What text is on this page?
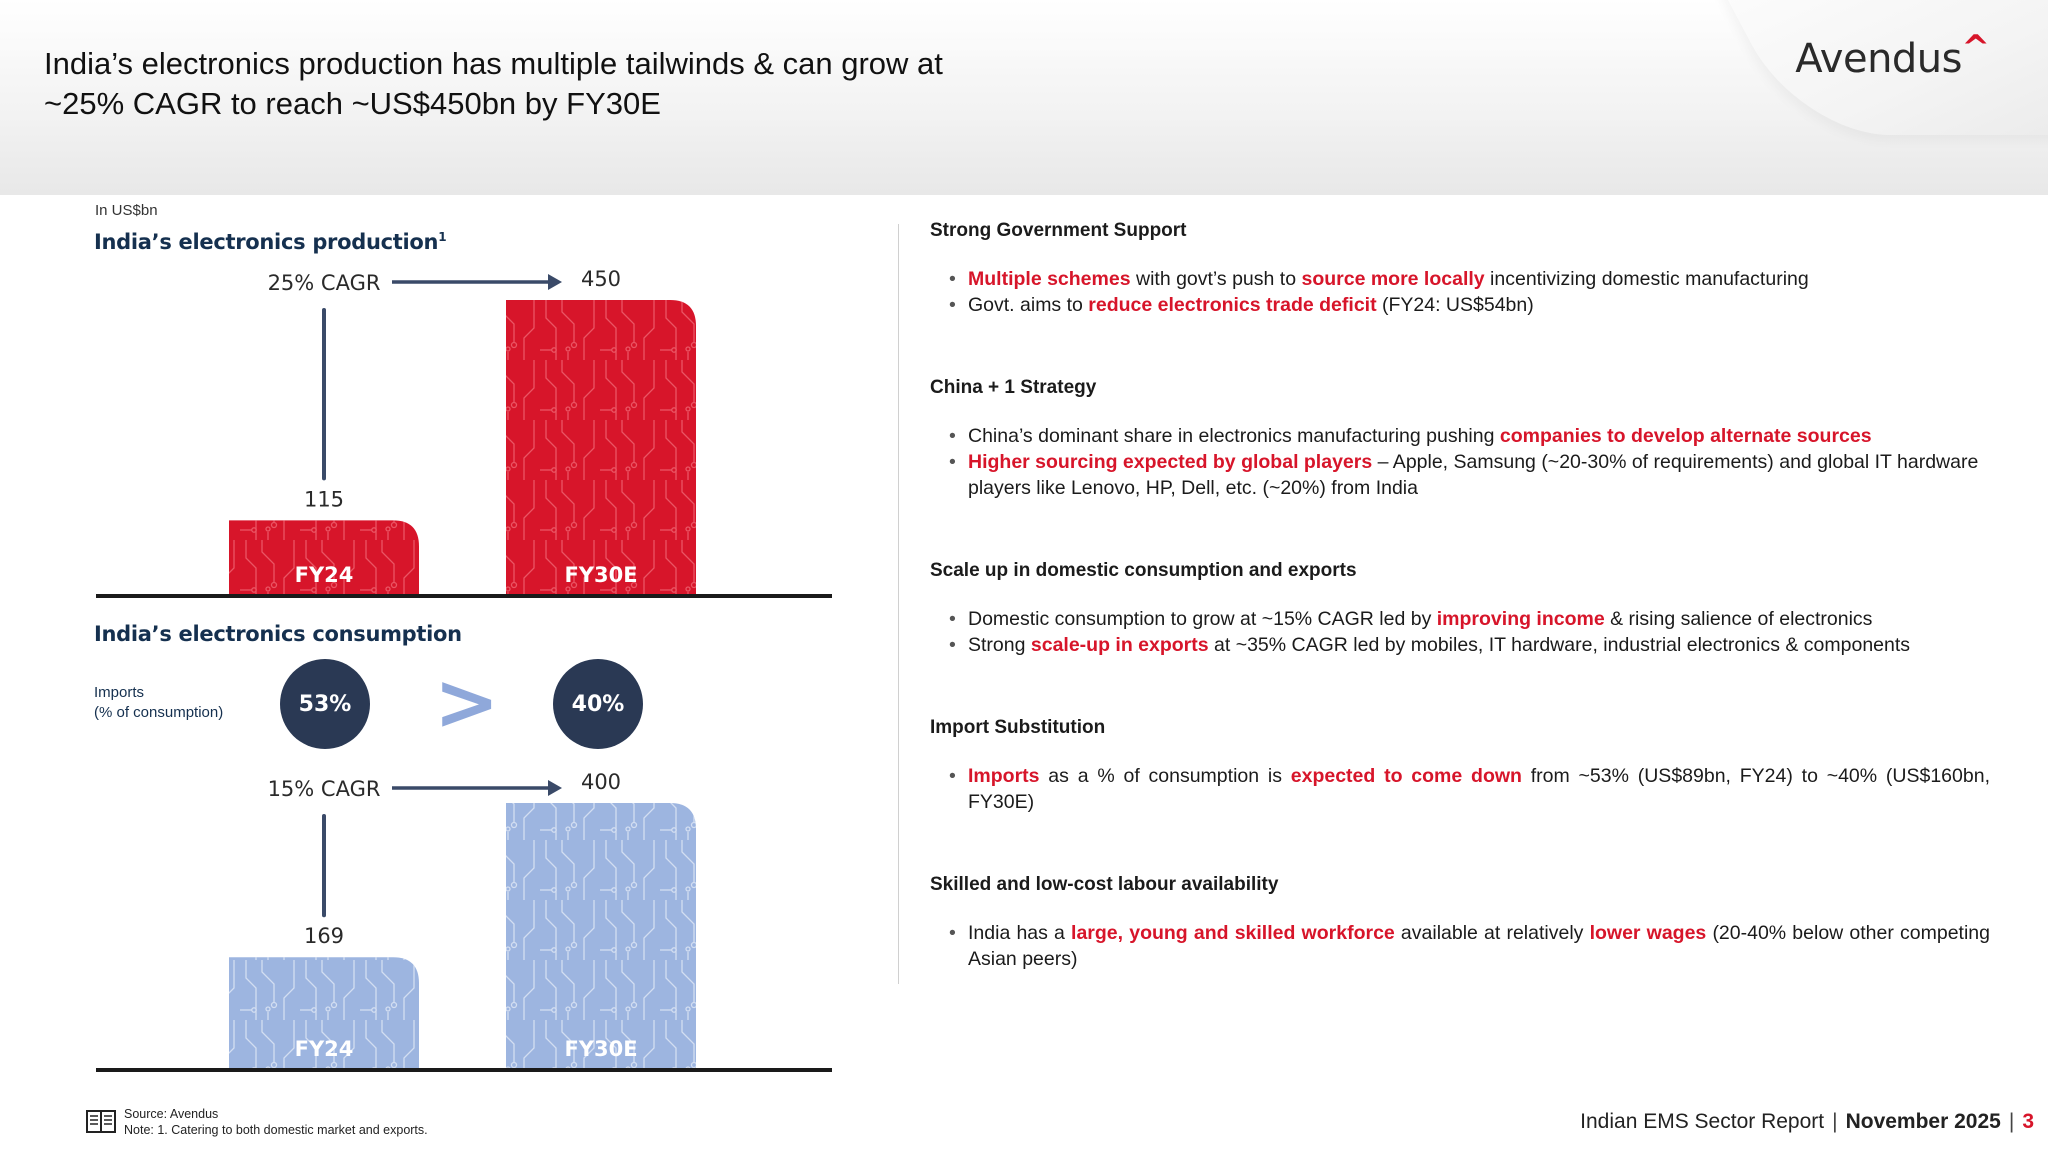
India’s electronics production has multiple tailwinds & can grow at
~25% CAGR to reach ~US$450bn by FY30E
Avendus ^
In US$bn
India’s electronics production$^1$
India’s electronics consumption
Imports
(% of consumption)	53% >	40%
FY24
115
FY30E
450
25% CAGR
FY24
169
FY30E
400
15% CAGR
Strong Government Support
• Multiple schemes with govt’s push to source more locally incentivizing domestic manufacturing
• Govt. aims to reduce electronics trade deficit (FY24: US$54bn)
China + 1 Strategy
• China’s dominant share in electronics manufacturing pushing companies to develop alternate sources
• Higher sourcing expected by global players – Apple, Samsung (~20-30% of requirements) and global IT hardware players like Lenovo, HP, Dell, etc. (~20%) from India
Scale up in domestic consumption and exports
• Domestic consumption to grow at ~15% CAGR led by improving income & rising salience of electronics
• Strong scale-up in exports at ~35% CAGR led by mobiles, IT hardware, industrial electronics & components
Import Substitution
• Imports as a % of consumption is expected to come down from ~53% (US$89bn, FY24) to ~40% (US$160bn, FY30E)
Skilled and low-cost labour availability
• India has a large, young and skilled workforce available at relatively lower wages (20-40% below other competing Asian peers)
Source: Avendus
Note: 1. Catering to both domestic market and exports.	Indian EMS Sector Report | November 2025 | 3
